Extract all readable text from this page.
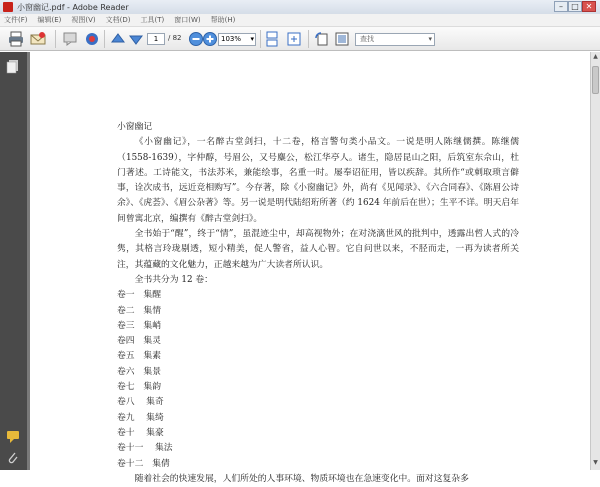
小窗幽记.pdf - Adobe Reader	–	□ ✕
文件(F) 编辑(E) 视图(V) 文档(D) 工具(T) 窗口(W) 帮助(H)
1	/ 82	103% ▾	查找 ▾

小窗幽记

《小窗幽记》，一名醉古堂剑扫，十二卷，格言警句类小品文。一说是明人陈继儒撰。陈继儒（1558-1639），字仲醇，号眉公，又号麋公，松江华亭人。诸生，隐居昆山之阳，后筑室东佘山，杜门著述。工诗能文，书法苏米，兼能绘事，名重一时。屡奉诏征用，皆以疾辞。其所作“或刺取琐言僻事，诠次成书，远近竞相购写”。今存著，除《小窗幽记》外，尚有《见闻录》、《六合同春》、《陈眉公诗余》、《虎荟》、《眉公杂著》等。另一说是明代陆绍珩所著（约 1624 年前后在世）；生平不详。明天启年间曾寓北京，编撰有《醉古堂剑扫》。

全书始于“醒”，终于“情”，虽混迹尘中，却高视物外；在对浇漓世风的批判中，透露出哲人式的冷隽，其格言玲珑剔透，短小精美，促人警省，益人心智。它自问世以来，不胫而走，一再为读者所关注，其蕴藏的文化魅力，正越来越为广大读者所认识。

全书共分为 12 卷：

卷一　集醒

卷二　集情

卷三　集峭

卷四　集灵

卷五　集素

卷六　集景

卷七　集韵

卷八　 集奇

卷九　 集绮

卷十　 集豪

卷十一　 集法

卷十二　集倩

随着社会的快速发展，人们所处的人事环境、物质环境也在急速变化中。面对这复杂多

▲
▼
